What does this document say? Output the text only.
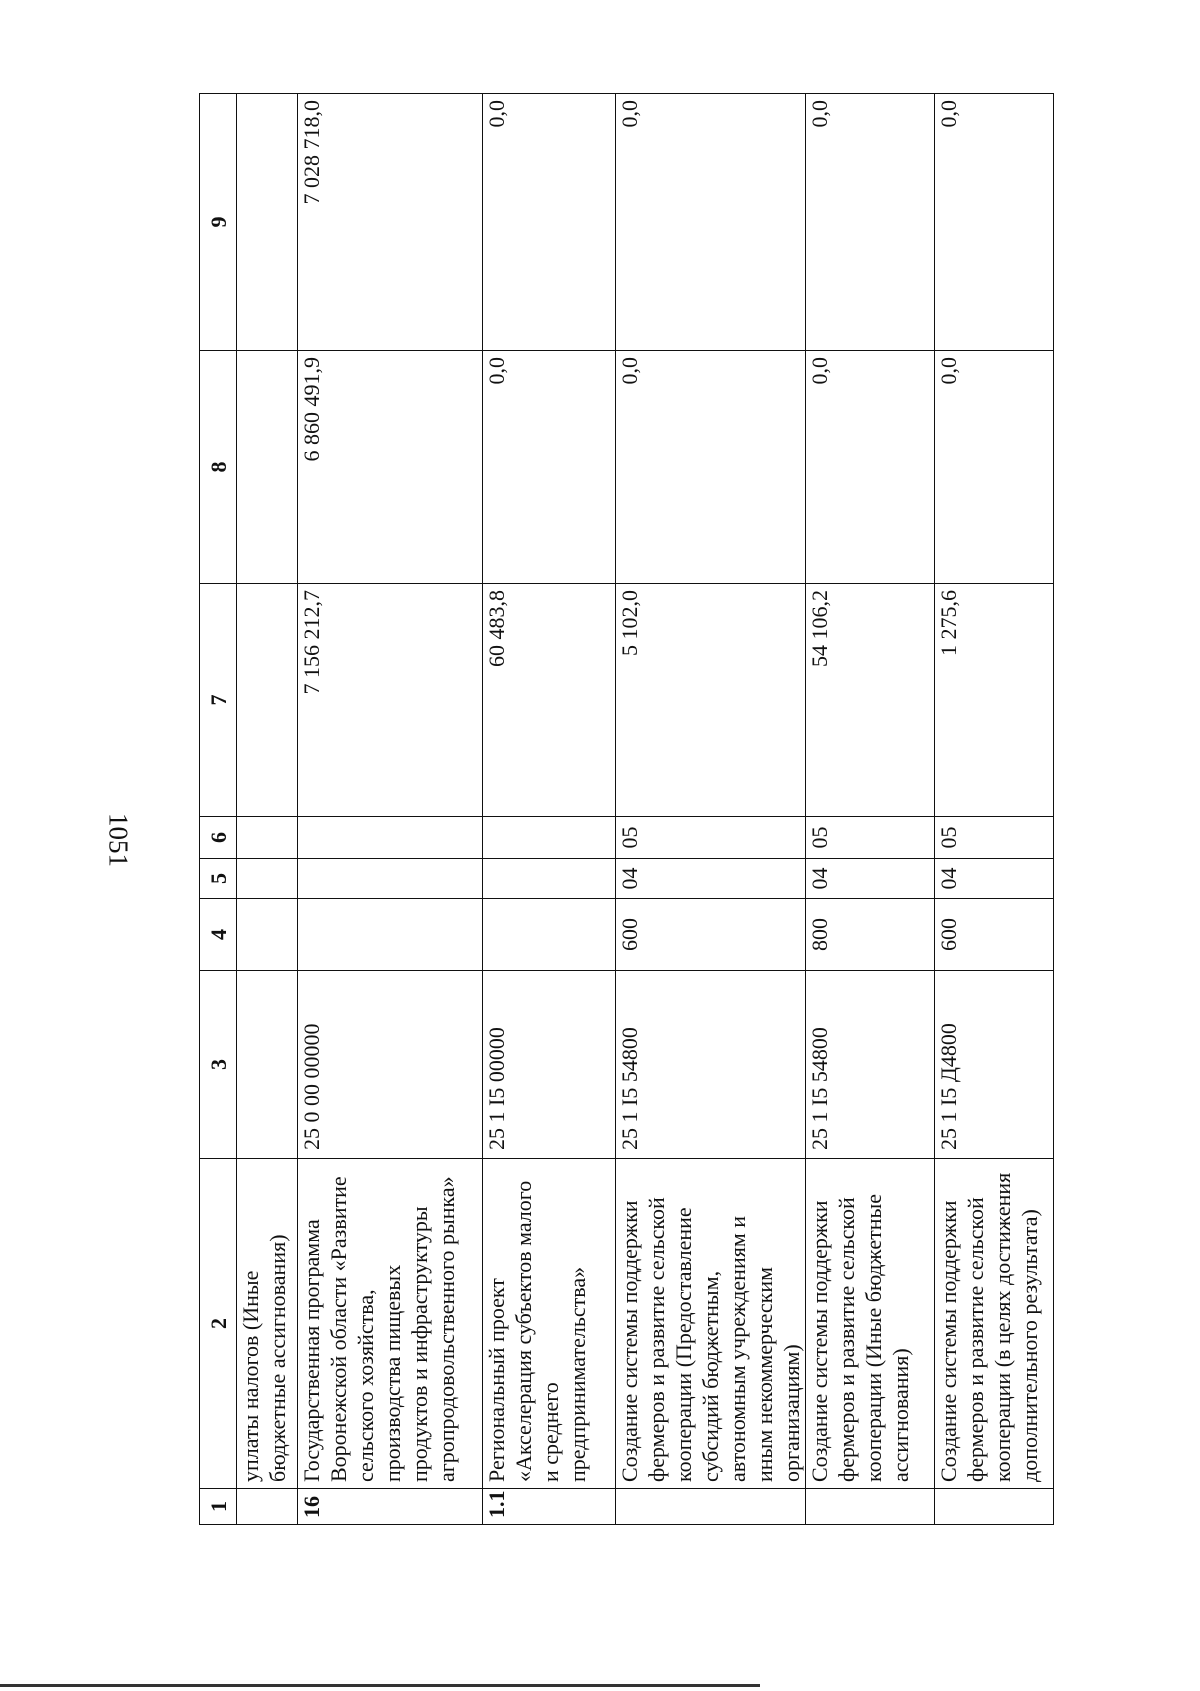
1051
1	2	3	4	5	6	7	8	9
	уплаты налогов (Иные бюджетные ассигнования)							
16	Государственная программа Воронежской области «Развитие сельского хозяйства, производства пищевых продуктов и инфраструктуры агропродовольственного рынка»	25 0 00 00000				7 156 212,7	6 860 491,9	7 028 718,0
1.1	Региональный проект «Акселерация субъектов малого и среднего предпринимательства»	25 1 I5 00000				60 483,8	0,0	0,0
	Создание системы поддержки фермеров и развитие сельской кооперации (Предоставление субсидий бюджетным, автономным учреждениям и иным некоммерческим организациям)	25 1 I5 54800	600	04	05	5 102,0	0,0	0,0
	Создание системы поддержки фермеров и развитие сельской кооперации (Иные бюджетные ассигнования)	25 1 I5 54800	800	04	05	54 106,2	0,0	0,0
	Создание системы поддержки фермеров и развитие сельской кооперации (в целях достижения дополнительного результата)	25 1 I5 Д4800	600	04	05	1 275,6	0,0	0,0
